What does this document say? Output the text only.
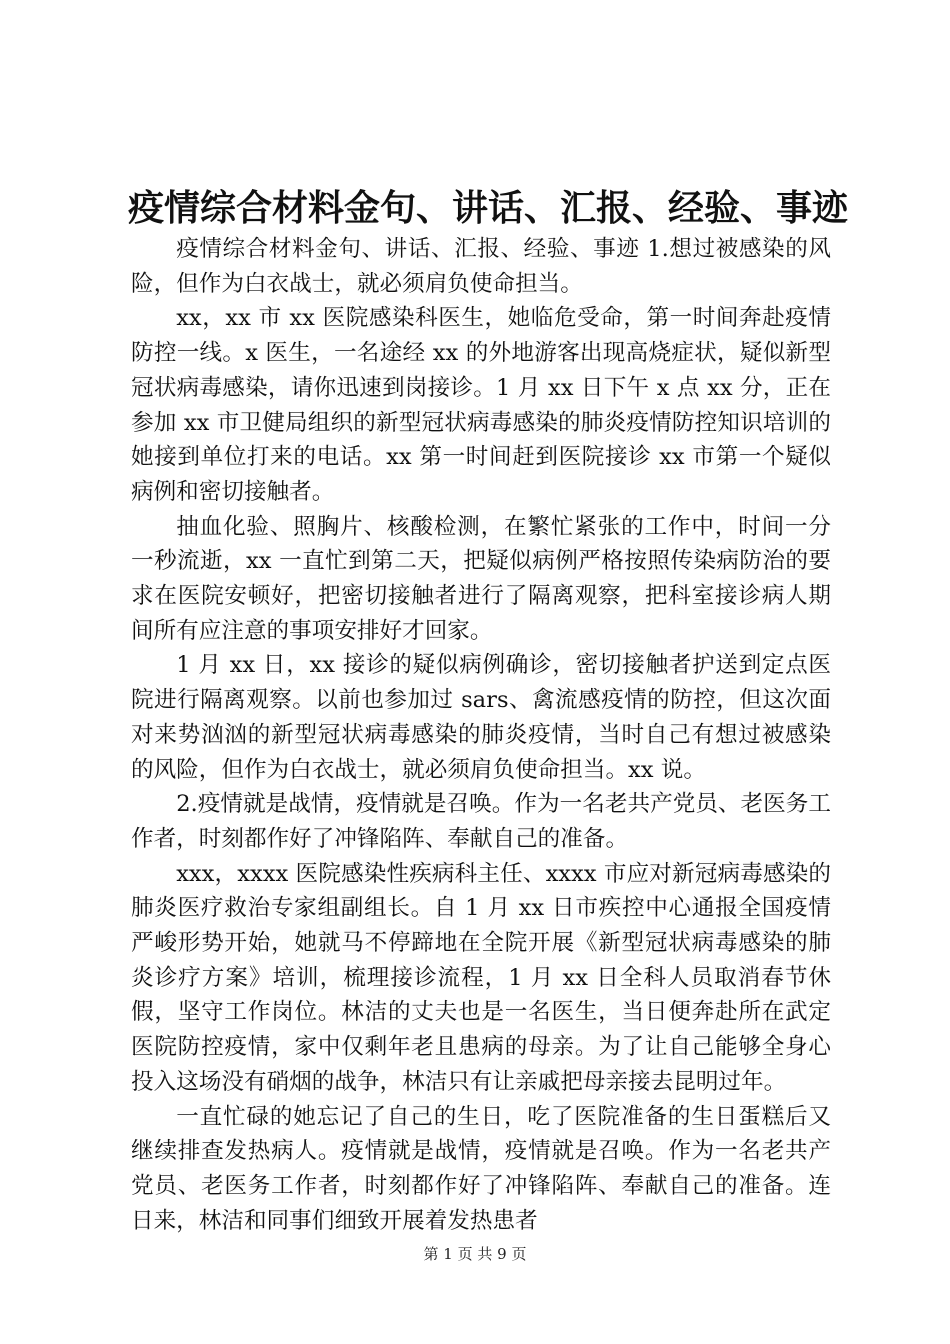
疫情综合材料金句、讲话、汇报、经验、事迹

疫情综合材料金句、讲话、汇报、经验、事迹 1.想过被感染的风险，但作为白衣战士，就必须肩负使命担当。

xx，xx 市 xx 医院感染科医生，她临危受命，第一时间奔赴疫情防控一线。x 医生，一名途经 xx 的外地游客出现高烧症状，疑似新型冠状病毒感染，请你迅速到岗接诊。1 月 xx 日下午 x 点 xx 分，正在参加 xx 市卫健局组织的新型冠状病毒感染的肺炎疫情防控知识培训的她接到单位打来的电话。xx 第一时间赶到医院接诊 xx 市第一个疑似病例和密切接触者。

抽血化验、照胸片、核酸检测，在繁忙紧张的工作中，时间一分一秒流逝，xx 一直忙到第二天，把疑似病例严格按照传染病防治的要求在医院安顿好，把密切接触者进行了隔离观察，把科室接诊病人期间所有应注意的事项安排好才回家。

1 月 xx 日，xx 接诊的疑似病例确诊，密切接触者护送到定点医院进行隔离观察。以前也参加过 sars、禽流感疫情的防控，但这次面对来势汹汹的新型冠状病毒感染的肺炎疫情，当时自己有想过被感染的风险，但作为白衣战士，就必须肩负使命担当。xx 说。

2.疫情就是战情，疫情就是召唤。作为一名老共产党员、老医务工作者，时刻都作好了冲锋陷阵、奉献自己的准备。

xxx，xxxx 医院感染性疾病科主任、xxxx 市应对新冠病毒感染的肺炎医疗救治专家组副组长。自 1 月 xx 日市疾控中心通报全国疫情严峻形势开始，她就马不停蹄地在全院开展《新型冠状病毒感染的肺炎诊疗方案》培训，梳理接诊流程，1 月 xx 日全科人员取消春节休假，坚守工作岗位。林洁的丈夫也是一名医生，当日便奔赴所在武定医院防控疫情，家中仅剩年老且患病的母亲。为了让自己能够全身心投入这场没有硝烟的战争，林洁只有让亲戚把母亲接去昆明过年。

一直忙碌的她忘记了自己的生日，吃了医院准备的生日蛋糕后又继续排查发热病人。疫情就是战情，疫情就是召唤。作为一名老共产党员、老医务工作者，时刻都作好了冲锋陷阵、奉献自己的准备。连日来，林洁和同事们细致开展着发热患者

第 1 页 共 9 页
